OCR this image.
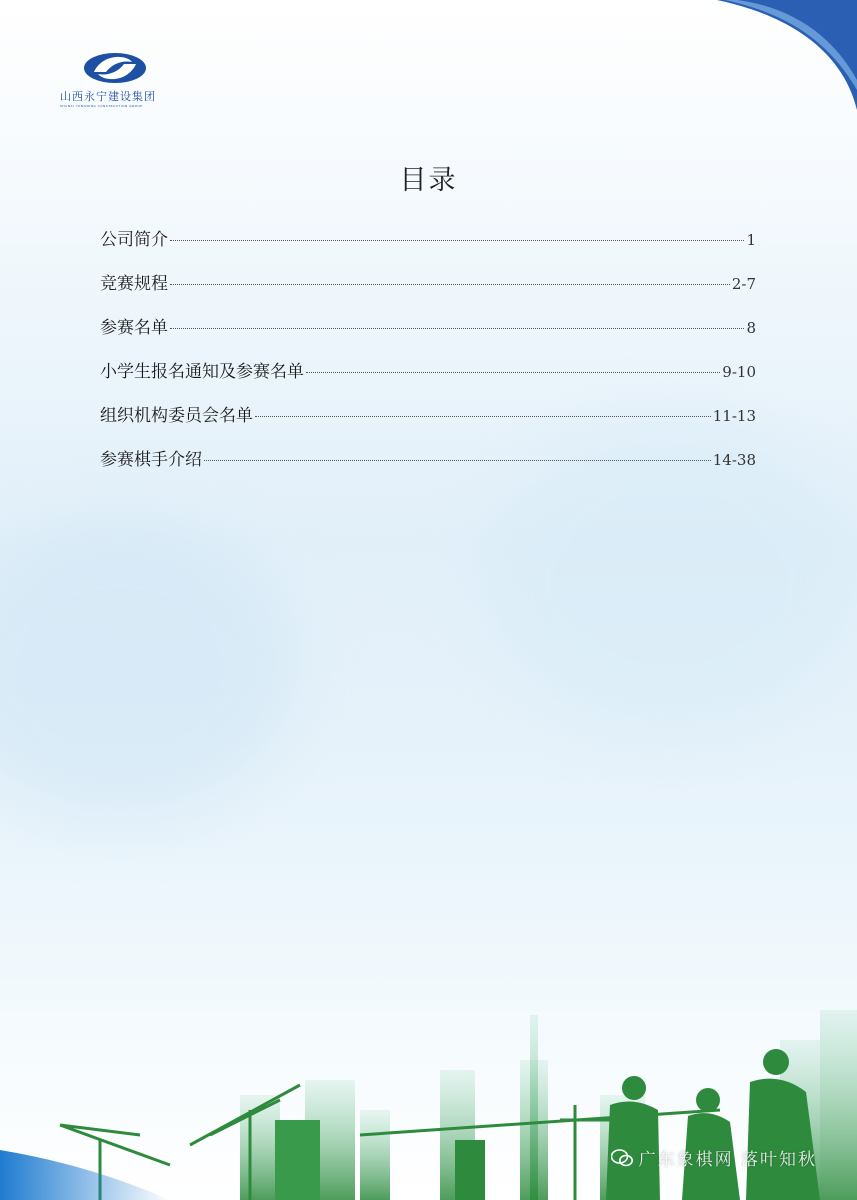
山西永宁建设集团
SHANXI YONGNING CONSTRUCTION GROUP
目录
公司简介	1
竞赛规程	2-7
参赛名单	8
小学生报名通知及参赛名单	9-10
组织机构委员会名单	11-13
参赛棋手介绍	14-38
广东象棋网 落叶知秋
